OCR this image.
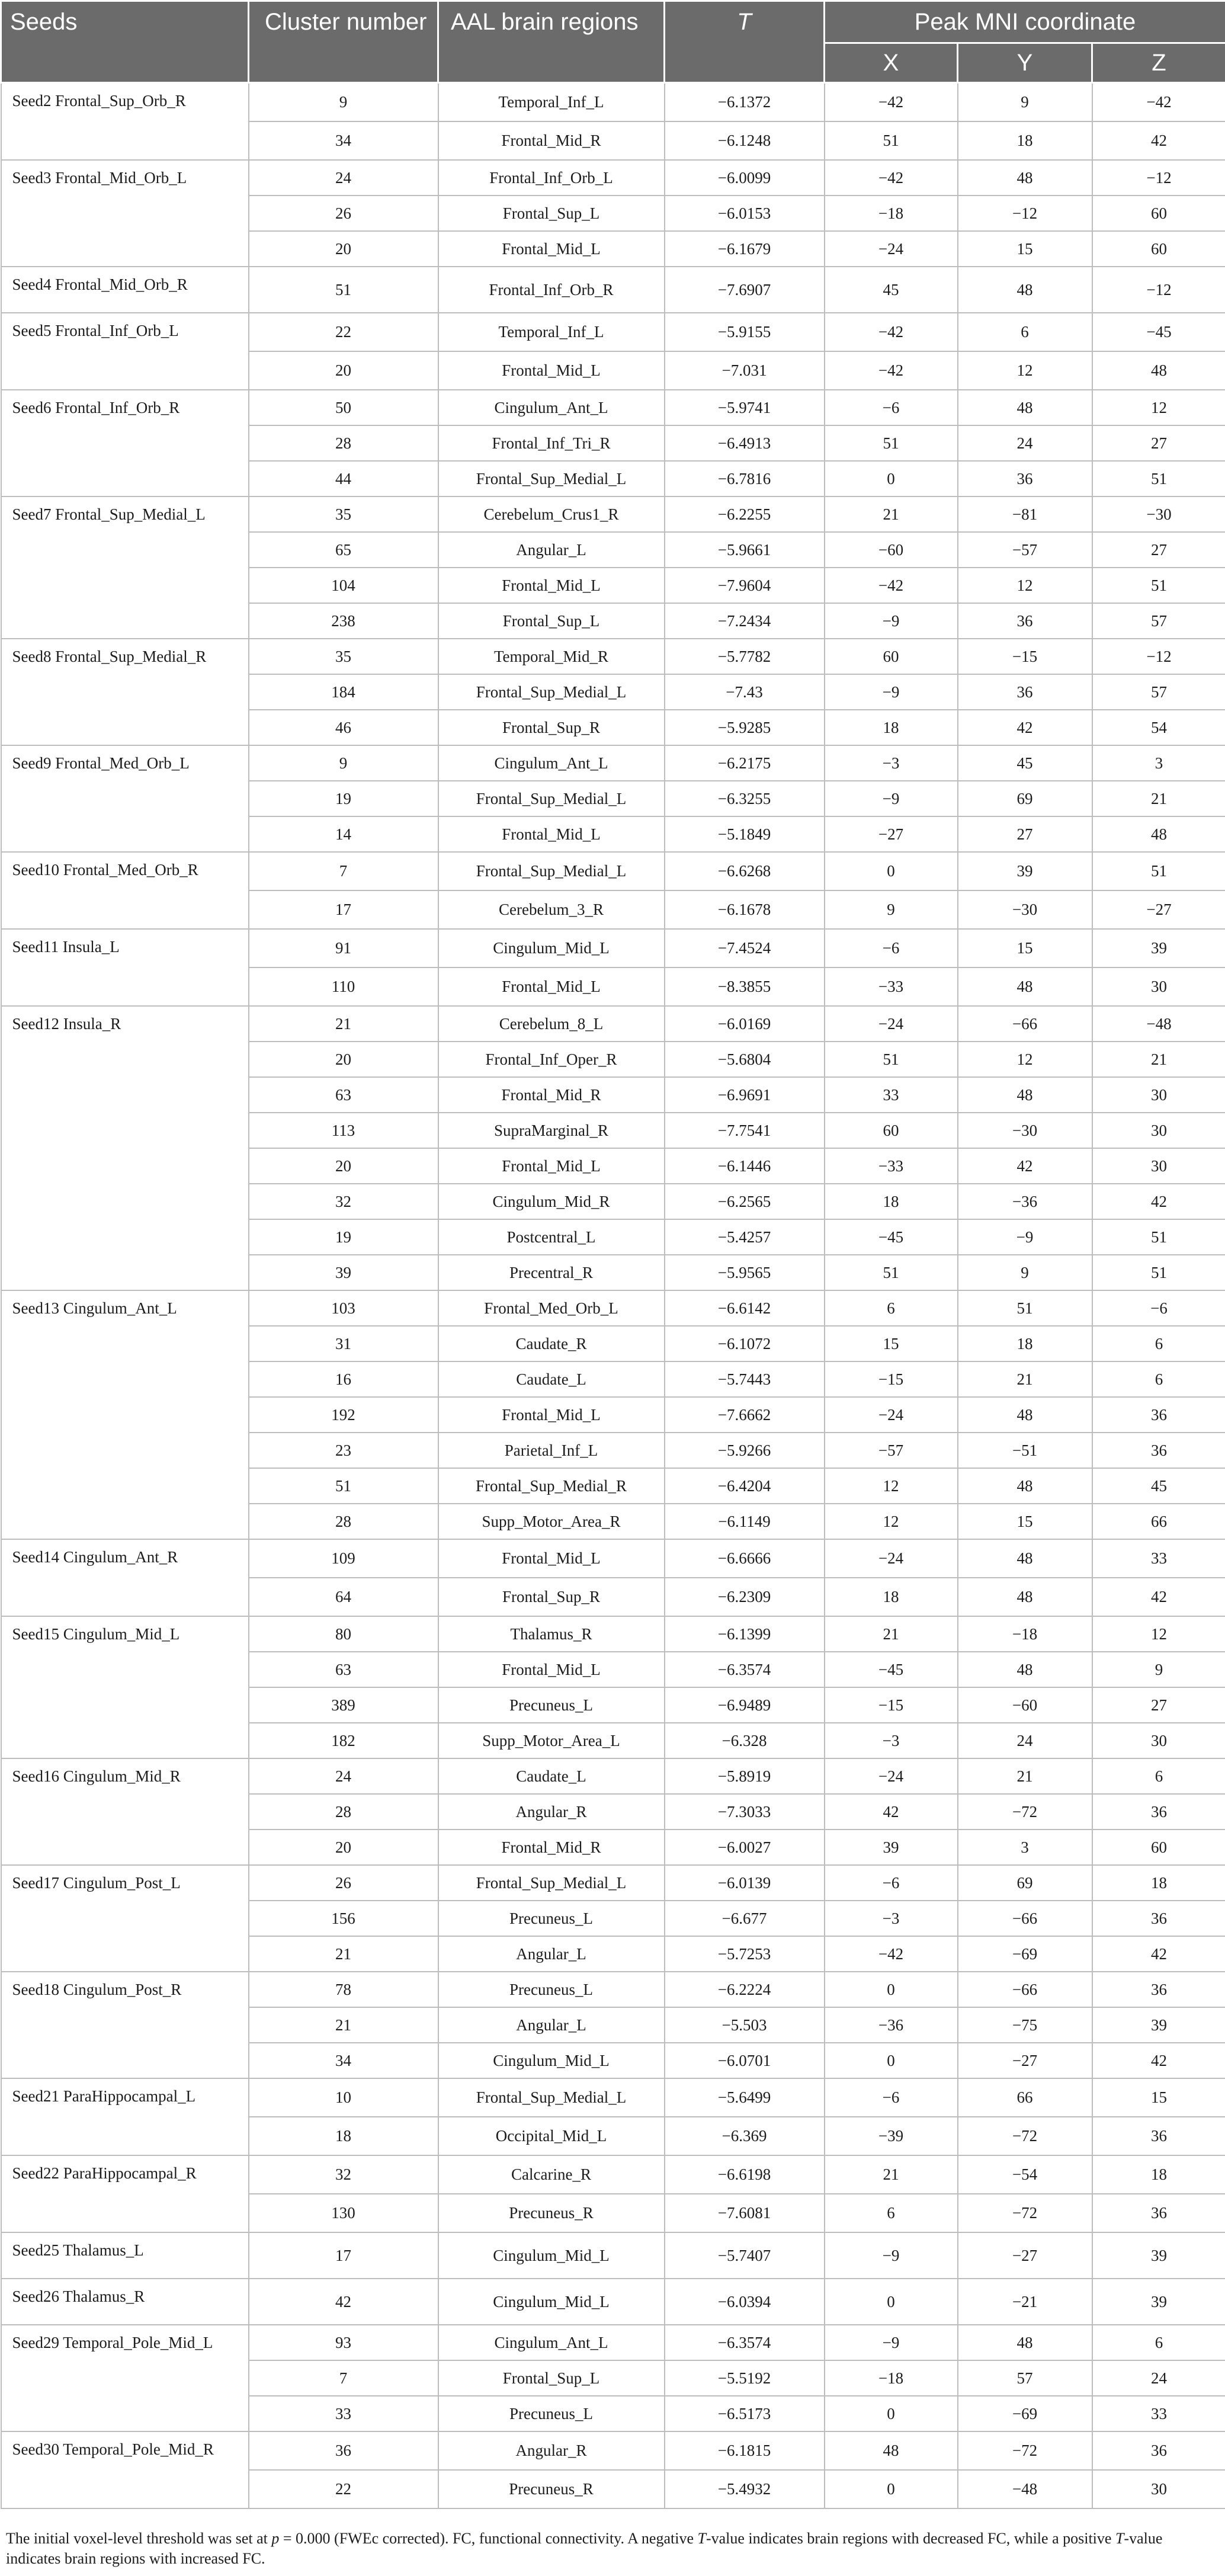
Seeds	Cluster number	AAL brain regions	T	Peak MNI coordinate		
				X	Y	Z
Seed2 Frontal_Sup_Orb_R	9	Temporal_Inf_L	−6.1372	−42	9	−42
	34	Frontal_Mid_R	−6.1248	51	18	42
Seed3 Frontal_Mid_Orb_L	24	Frontal_Inf_Orb_L	−6.0099	−42	48	−12
	26	Frontal_Sup_L	−6.0153	−18	−12	60
	20	Frontal_Mid_L	−6.1679	−24	15	60
Seed4 Frontal_Mid_Orb_R	51	Frontal_Inf_Orb_R	−7.6907	45	48	−12
Seed5 Frontal_Inf_Orb_L	22	Temporal_Inf_L	−5.9155	−42	6	−45
	20	Frontal_Mid_L	−7.031	−42	12	48
Seed6 Frontal_Inf_Orb_R	50	Cingulum_Ant_L	−5.9741	−6	48	12
	28	Frontal_Inf_Tri_R	−6.4913	51	24	27
	44	Frontal_Sup_Medial_L	−6.7816	0	36	51
Seed7 Frontal_Sup_Medial_L	35	Cerebelum_Crus1_R	−6.2255	21	−81	−30
	65	Angular_L	−5.9661	−60	−57	27
	104	Frontal_Mid_L	−7.9604	−42	12	51
	238	Frontal_Sup_L	−7.2434	−9	36	57
Seed8 Frontal_Sup_Medial_R	35	Temporal_Mid_R	−5.7782	60	−15	−12
	184	Frontal_Sup_Medial_L	−7.43	−9	36	57
	46	Frontal_Sup_R	−5.9285	18	42	54
Seed9 Frontal_Med_Orb_L	9	Cingulum_Ant_L	−6.2175	−3	45	3
	19	Frontal_Sup_Medial_L	−6.3255	−9	69	21
	14	Frontal_Mid_L	−5.1849	−27	27	48
Seed10 Frontal_Med_Orb_R	7	Frontal_Sup_Medial_L	−6.6268	0	39	51
	17	Cerebelum_3_R	−6.1678	9	−30	−27
Seed11 Insula_L	91	Cingulum_Mid_L	−7.4524	−6	15	39
	110	Frontal_Mid_L	−8.3855	−33	48	30
Seed12 Insula_R	21	Cerebelum_8_L	−6.0169	−24	−66	−48
	20	Frontal_Inf_Oper_R	−5.6804	51	12	21
	63	Frontal_Mid_R	−6.9691	33	48	30
	113	SupraMarginal_R	−7.7541	60	−30	30
	20	Frontal_Mid_L	−6.1446	−33	42	30
	32	Cingulum_Mid_R	−6.2565	18	−36	42
	19	Postcentral_L	−5.4257	−45	−9	51
	39	Precentral_R	−5.9565	51	9	51
Seed13 Cingulum_Ant_L	103	Frontal_Med_Orb_L	−6.6142	6	51	−6
	31	Caudate_R	−6.1072	15	18	6
	16	Caudate_L	−5.7443	−15	21	6
	192	Frontal_Mid_L	−7.6662	−24	48	36
	23	Parietal_Inf_L	−5.9266	−57	−51	36
	51	Frontal_Sup_Medial_R	−6.4204	12	48	45
	28	Supp_Motor_Area_R	−6.1149	12	15	66
Seed14 Cingulum_Ant_R	109	Frontal_Mid_L	−6.6666	−24	48	33
	64	Frontal_Sup_R	−6.2309	18	48	42
Seed15 Cingulum_Mid_L	80	Thalamus_R	−6.1399	21	−18	12
	63	Frontal_Mid_L	−6.3574	−45	48	9
	389	Precuneus_L	−6.9489	−15	−60	27
	182	Supp_Motor_Area_L	−6.328	−3	24	30
Seed16 Cingulum_Mid_R	24	Caudate_L	−5.8919	−24	21	6
	28	Angular_R	−7.3033	42	−72	36
	20	Frontal_Mid_R	−6.0027	39	3	60
Seed17 Cingulum_Post_L	26	Frontal_Sup_Medial_L	−6.0139	−6	69	18
	156	Precuneus_L	−6.677	−3	−66	36
	21	Angular_L	−5.7253	−42	−69	42
Seed18 Cingulum_Post_R	78	Precuneus_L	−6.2224	0	−66	36
	21	Angular_L	−5.503	−36	−75	39
	34	Cingulum_Mid_L	−6.0701	0	−27	42
Seed21 ParaHippocampal_L	10	Frontal_Sup_Medial_L	−5.6499	−6	66	15
	18	Occipital_Mid_L	−6.369	−39	−72	36
Seed22 ParaHippocampal_R	32	Calcarine_R	−6.6198	21	−54	18
	130	Precuneus_R	−7.6081	6	−72	36
Seed25 Thalamus_L	17	Cingulum_Mid_L	−5.7407	−9	−27	39
Seed26 Thalamus_R	42	Cingulum_Mid_L	−6.0394	0	−21	39
Seed29 Temporal_Pole_Mid_L	93	Cingulum_Ant_L	−6.3574	−9	48	6
	7	Frontal_Sup_L	−5.5192	−18	57	24
	33	Precuneus_L	−6.5173	0	−69	33
Seed30 Temporal_Pole_Mid_R	36	Angular_R	−6.1815	48	−72	36
	22	Precuneus_R	−5.4932	0	−48	30
The initial voxel-level threshold was set at p = 0.000 (FWEc corrected). FC, functional connectivity. A negative T-value indicates brain regions with decreased FC, while a positive T-value indicates brain regions with increased FC.
